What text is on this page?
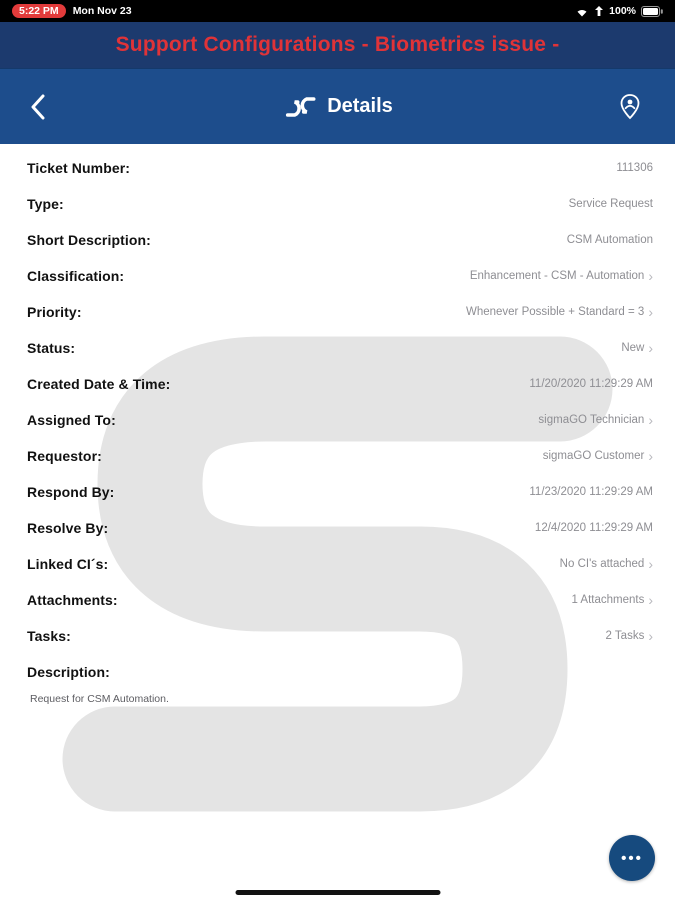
5:22 PM	Mon Nov 23	100%
Support Configurations - Biometrics issue -
Details
Ticket Number:	111306
Type:	Service Request
Short Description:	CSM Automation
Classification:	Enhancement - CSM - Automation ›
Priority:	Whenever Possible + Standard = 3 ›
Status:	New ›
Created Date & Time:	11/20/2020 11:29:29 AM
Assigned To:	sigmaGO Technician ›
Requestor:	sigmaGO Customer ›
Respond By:	11/23/2020 11:29:29 AM
Resolve By:	12/4/2020 11:29:29 AM
Linked CI´s:	No CI's attached ›
Attachments:	1 Attachments ›
Tasks:	2 Tasks ›
Description:
Request for CSM Automation.
•••
